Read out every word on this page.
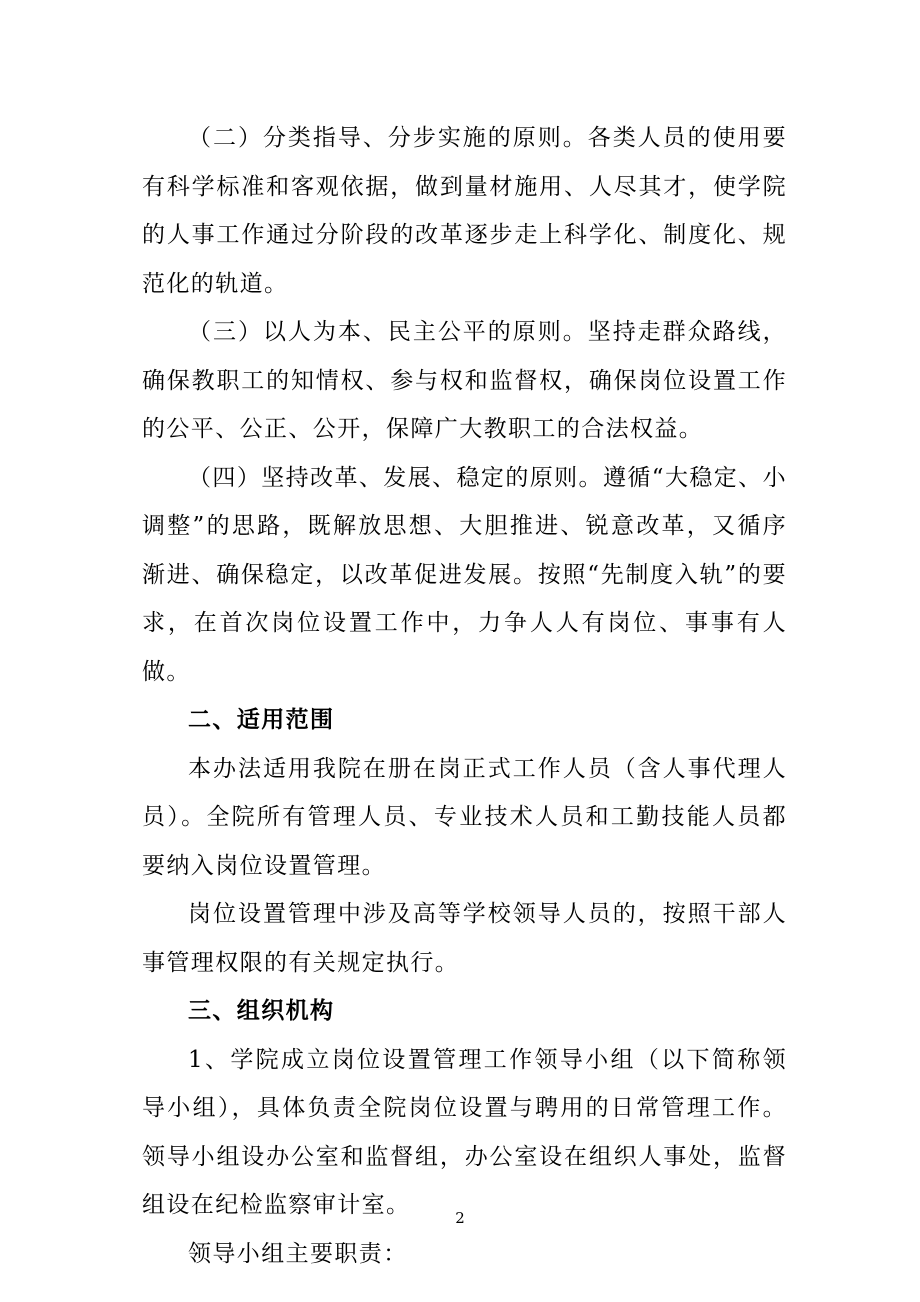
（二）分类指导、分步实施的原则。各类人员的使用要有科学标准和客观依据，做到量材施用、人尽其才，使学院的人事工作通过分阶段的改革逐步走上科学化、制度化、规范化的轨道。

（三）以人为本、民主公平的原则。坚持走群众路线，确保教职工的知情权、参与权和监督权，确保岗位设置工作的公平、公正、公开，保障广大教职工的合法权益。

（四）坚持改革、发展、稳定的原则。遵循“大稳定、小调整”的思路，既解放思想、大胆推进、锐意改革，又循序渐进、确保稳定，以改革促进发展。按照“先制度入轨”的要求，在首次岗位设置工作中，力争人人有岗位、事事有人做。

二、适用范围

本办法适用我院在册在岗正式工作人员（含人事代理人员）。全院所有管理人员、专业技术人员和工勤技能人员都要纳入岗位设置管理。

岗位设置管理中涉及高等学校领导人员的，按照干部人事管理权限的有关规定执行。

三、组织机构

1、学院成立岗位设置管理工作领导小组（以下简称领导小组），具体负责全院岗位设置与聘用的日常管理工作。领导小组设办公室和监督组，办公室设在组织人事处，监督组设在纪检监察审计室。

领导小组主要职责：

2
